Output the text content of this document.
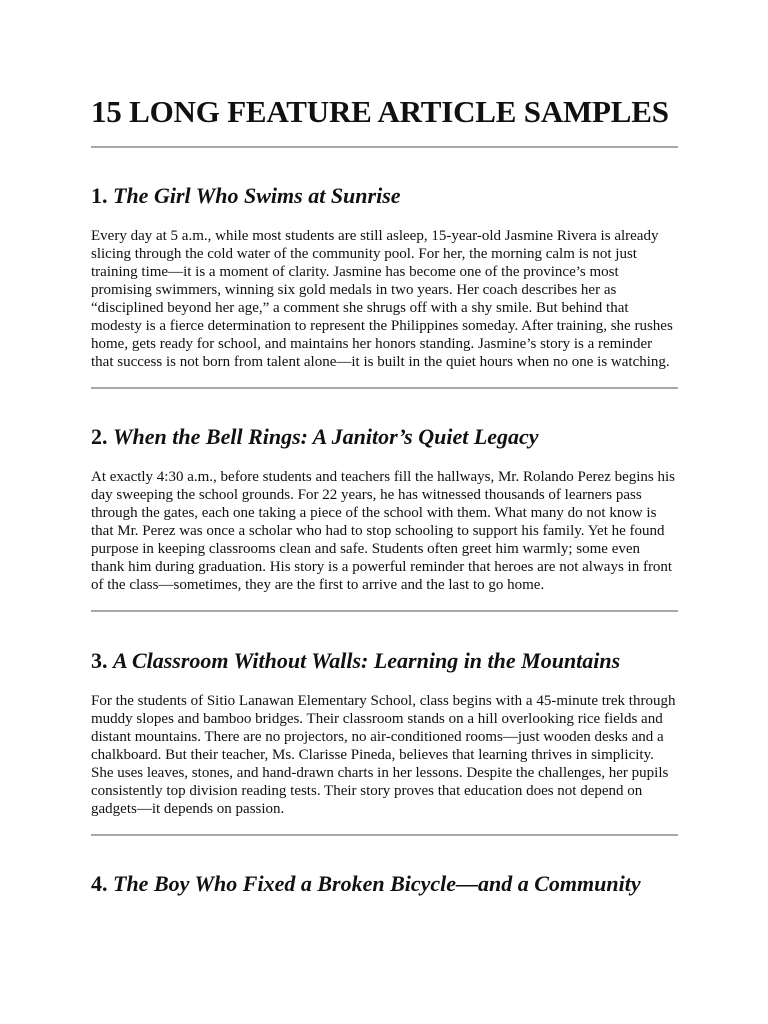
15 LONG FEATURE ARTICLE SAMPLES
1. The Girl Who Swims at Sunrise

Every day at 5 a.m., while most students are still asleep, 15-year-old Jasmine Rivera is already
slicing through the cold water of the community pool. For her, the morning calm is not just
training time—it is a moment of clarity. Jasmine has become one of the province’s most
promising swimmers, winning six gold medals in two years. Her coach describes her as
“disciplined beyond her age,” a comment she shrugs off with a shy smile. But behind that
modesty is a fierce determination to represent the Philippines someday. After training, she rushes
home, gets ready for school, and maintains her honors standing. Jasmine’s story is a reminder
that success is not born from talent alone—it is built in the quiet hours when no one is watching.

2. When the Bell Rings: A Janitor’s Quiet Legacy

At exactly 4:30 a.m., before students and teachers fill the hallways, Mr. Rolando Perez begins his
day sweeping the school grounds. For 22 years, he has witnessed thousands of learners pass
through the gates, each one taking a piece of the school with them. What many do not know is
that Mr. Perez was once a scholar who had to stop schooling to support his family. Yet he found
purpose in keeping classrooms clean and safe. Students often greet him warmly; some even
thank him during graduation. His story is a powerful reminder that heroes are not always in front
of the class—sometimes, they are the first to arrive and the last to go home.

3. A Classroom Without Walls: Learning in the Mountains

For the students of Sitio Lanawan Elementary School, class begins with a 45-minute trek through
muddy slopes and bamboo bridges. Their classroom stands on a hill overlooking rice fields and
distant mountains. There are no projectors, no air-conditioned rooms—just wooden desks and a
chalkboard. But their teacher, Ms. Clarisse Pineda, believes that learning thrives in simplicity.
She uses leaves, stones, and hand-drawn charts in her lessons. Despite the challenges, her pupils
consistently top division reading tests. Their story proves that education does not depend on
gadgets—it depends on passion.

4. The Boy Who Fixed a Broken Bicycle—and a Community
